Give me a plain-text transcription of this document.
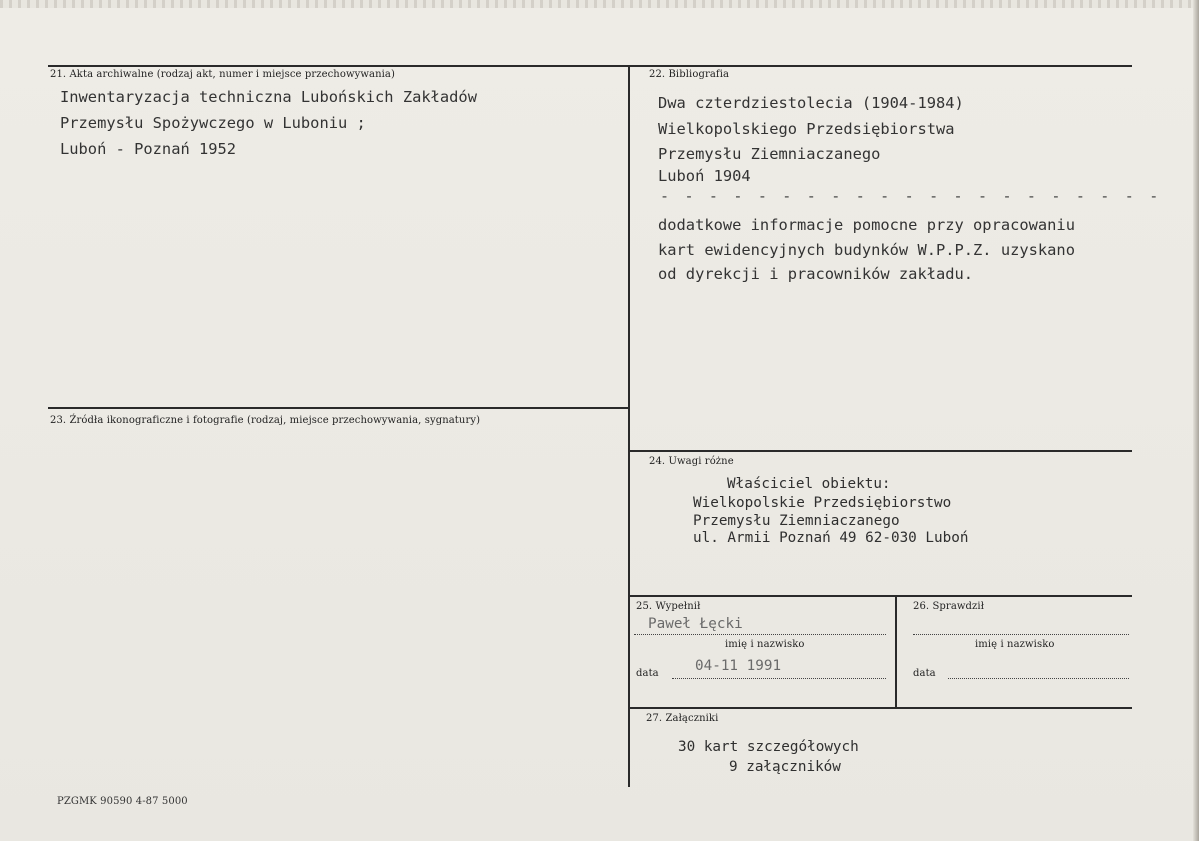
21. Akta archiwalne (rodzaj akt, numer i miejsce przechowywania)
Inwentaryzacja techniczna Lubońskich Zakładów
Przemysłu Spożywczego w Luboniu ;
Luboń - Poznań 1952
22. Bibliografia
Dwa czterdziestolecia (1904-1984)
Wielkopolskiego Przedsiębiorstwa
Przemysłu Ziemniaczanego
Luboń 1904
- - - - - - - - - - - - - - - - - - - - -
dodatkowe informacje pomocne przy opracowaniu
kart ewidencyjnych budynków W.P.P.Z. uzyskano
od dyrekcji i pracowników zakładu.
23. Źródła ikonograficzne i fotografie (rodzaj, miejsce przechowywania, sygnatury)
24. Uwagi różne
Właściciel obiektu:
Wielkopolskie Przedsiębiorstwo
Przemysłu Ziemniaczanego
ul. Armii Poznań 49 62-030 Luboń
25. Wypełnił
Paweł Łęcki
imię i nazwisko
data	04-11 1991
26. Sprawdził
imię i nazwisko
data
27. Załączniki
30 kart szczegółowych
9 załączników
PZGMK 90590 4-87 5000
